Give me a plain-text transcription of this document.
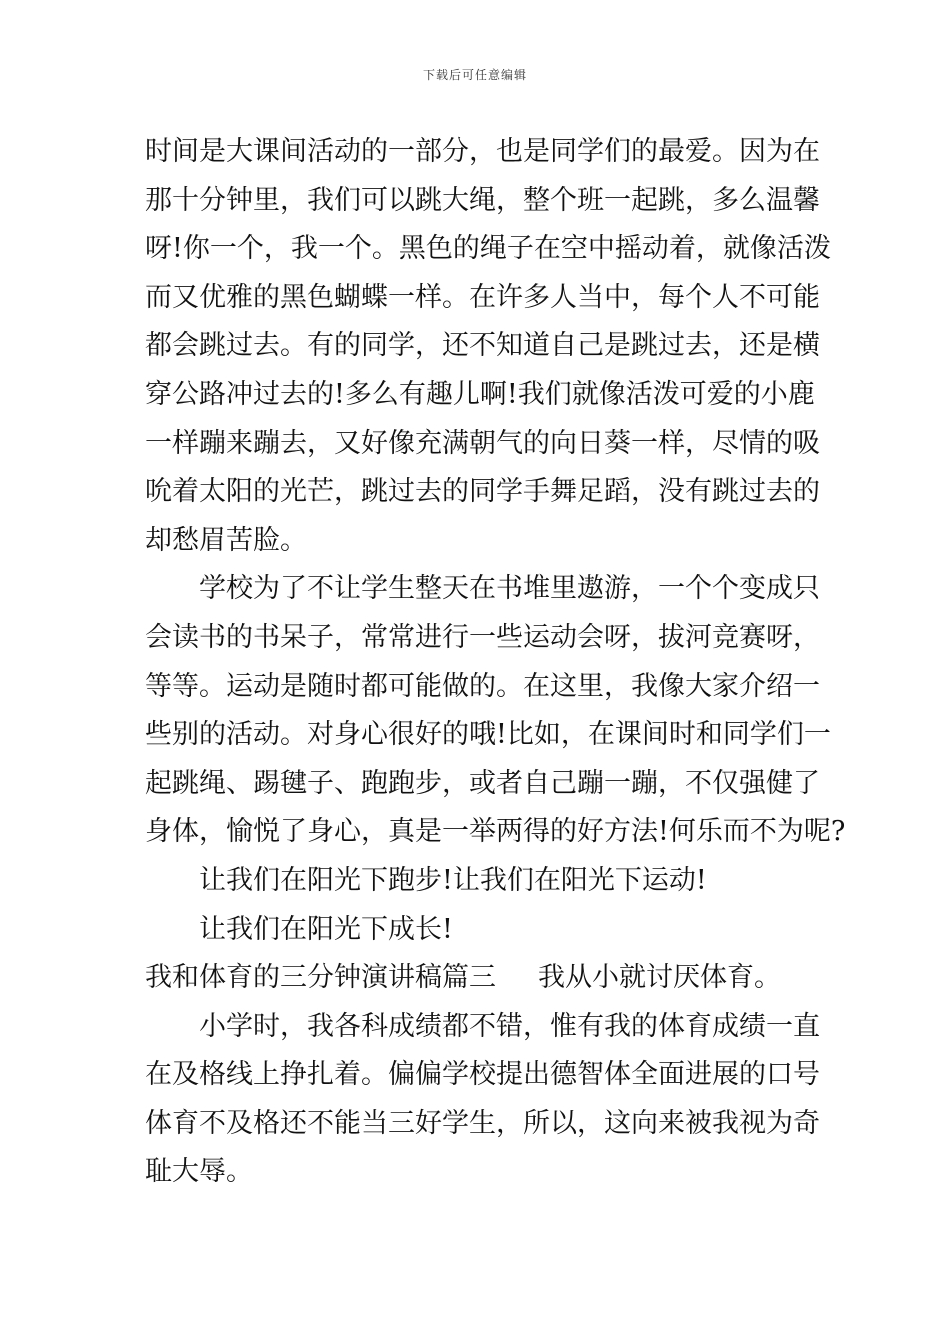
下载后可任意编辑
时间是大课间活动的一部分，也是同学们的最爱。因为在
那十分钟里，我们可以跳大绳，整个班一起跳，多么温馨
呀!你一个，我一个。黑色的绳子在空中摇动着，就像活泼
而又优雅的黑色蝴蝶一样。在许多人当中，每个人不可能
都会跳过去。有的同学，还不知道自己是跳过去，还是横
穿公路冲过去的!多么有趣儿啊!我们就像活泼可爱的小鹿
一样蹦来蹦去，又好像充满朝气的向日葵一样，尽情的吸
吮着太阳的光芒，跳过去的同学手舞足蹈，没有跳过去的
却愁眉苦脸。
学校为了不让学生整天在书堆里遨游，一个个变成只
会读书的书呆子，常常进行一些运动会呀，拔河竞赛呀，
等等。运动是随时都可能做的。在这里，我像大家介绍一
些别的活动。对身心很好的哦!比如，在课间时和同学们一
起跳绳、踢毽子、跑跑步，或者自己蹦一蹦，不仅强健了
身体，愉悦了身心，真是一举两得的好方法!何乐而不为呢?
让我们在阳光下跑步!让我们在阳光下运动!
让我们在阳光下成长!
我和体育的三分钟演讲稿篇三 我从小就讨厌体育。
小学时，我各科成绩都不错，惟有我的体育成绩一直
在及格线上挣扎着。偏偏学校提出德智体全面进展的口号
体育不及格还不能当三好学生，所以，这向来被我视为奇
耻大辱。
